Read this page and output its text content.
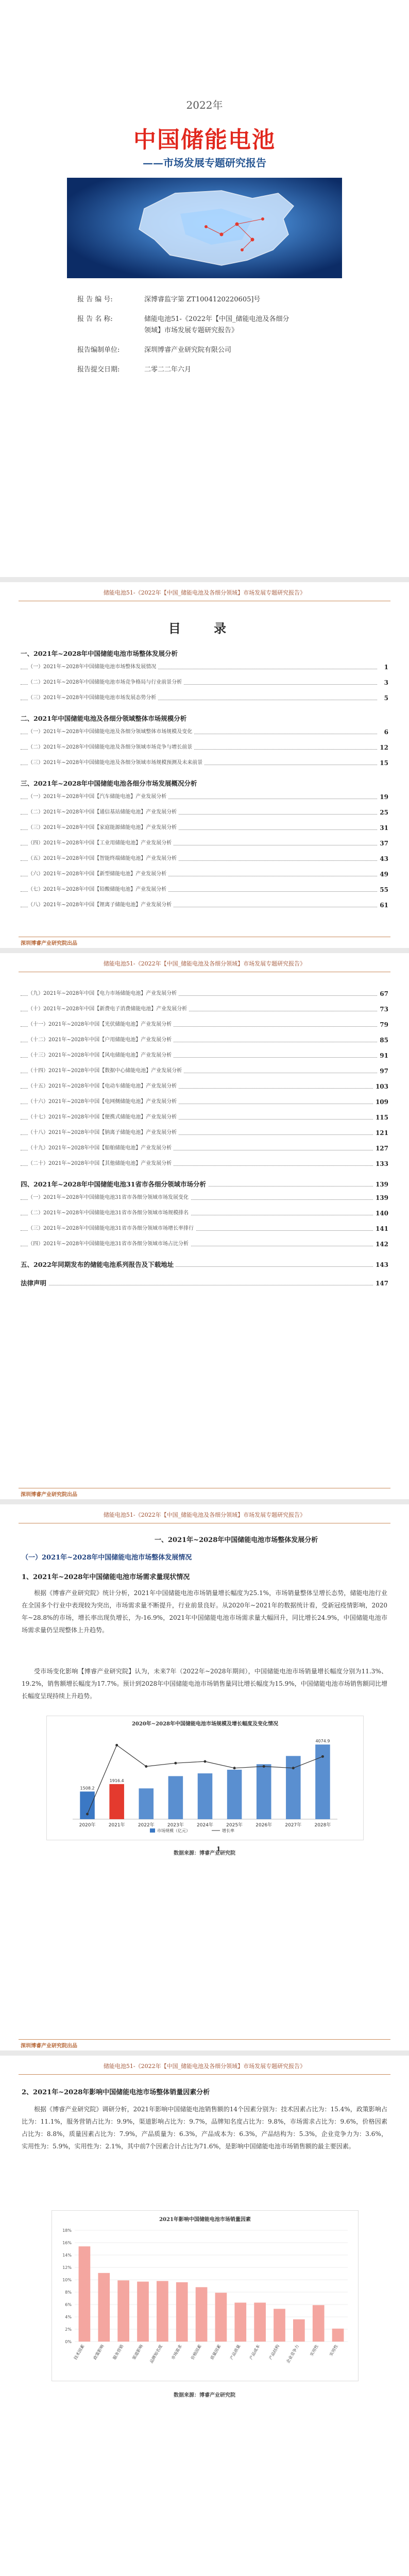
2022年
中国储能电池
——市场发展专题研究报告
报 告 编 号:	深博睿监字第 ZT1004120220605]号
报 告 名 称:	储能电池51-《2022年【中国_储能电池及各细分
领域】市场发展专题研究报告》
报告编制单位:	深圳博睿产业研究院有限公司
报告提交日期:	二零二二年六月
储能电池51-《2022年【中国_储能电池及各细分领域】市场发展专题研究报告》
目 录
一、2021年~2028年中国储能电池市场整体发展分析
（一）2021年~2028年中国储能电池市场整体发展情况	1
（二）2021年~2028年中国储能电池市场竞争格局与行业前景分析	3
（三）2021年~2028年中国储能电池市场发展态势分析	5
二、2021年中国储能电池及各细分领域整体市场规模分析
（一）2021年~2028年中国储能电池及各细分领域整体市场规模及变化	6
（二）2021年~2028年中国储能电池及各细分领域市场竞争与增长前景	12
（三）2021年~2028年中国储能电池及各细分领域市场规模预测及未来前景	15
三、2021年~2028年中国储能电池各细分市场发展概况分析
（一）2021年~2028年中国【汽车储能电池】产业发展分析	19
（二）2021年~2028年中国【通信基站储能电池】产业发展分析	25
（三）2021年~2028年中国【家庭能源储能电池】产业发展分析	31
（四）2021年~2028年中国【工业用储能电池】产业发展分析	37
（五）2021年~2028年中国【智能终端储能电池】产业发展分析	43
（六）2021年~2028年中国【新型储能电池】产业发展分析	49
（七）2021年~2028年中国【铅酸储能电池】产业发展分析	55
（八）2021年~2028年中国【锂离子储能电池】产业发展分析	61
深圳博睿产业研究院出品
储能电池51-《2022年【中国_储能电池及各细分领域】市场发展专题研究报告》
（九）2021年~2028年中国【电力市场储能电池】产业发展分析	67
（十）2021年~2028年中国【新费电子消费储能电池】产业发展分析	73
（十一）2021年~2028年中国【光伏储能电池】产业发展分析	79
（十二）2021年~2028年中国【户用储能电池】产业发展分析	85
（十三）2021年~2028年中国【风电储能电池】产业发展分析	91
（十四）2021年~2028年中国【数据中心储能电池】产业发展分析	97
（十五）2021年~2028年中国【电动车储能电池】产业发展分析	103
（十六）2021年~2028年中国【电网侧储能电池】产业发展分析	109
（十七）2021年~2028年中国【便携式储能电池】产业发展分析	115
（十八）2021年~2028年中国【钠离子储能电池】产业发展分析	121
（十九）2021年~2028年中国【船舶储能电池】产业发展分析	127
（二十）2021年~2028年中国【其他储能电池】产业发展分析	133
四、2021年~2028年中国储能电池31省市各细分领域市场分析	139
（一）2021年~2028年中国储能电池31省市各细分领域市场发展变化	139
（二）2021年~2028年中国储能电池31省市各细分领域市场规模排名	140
（三）2021年~2028年中国储能电池31省市各细分领域市场增长率排行	141
（四）2021年~2028年中国储能电池31省市各细分领域市场占比分析	142
五、2022年同期发布的储能电池系列报告及下载地址	143
法律声明	147
深圳博睿产业研究院出品
储能电池51-《2022年【中国_储能电池及各细分领域】市场发展专题研究报告》
一、2021年~2028年中国储能电池市场整体发展分析
（一）2021年~2028年中国储能电池市场整体发展情况
1、2021年~2028年中国储能电池市场需求量现状情况
根据《博睿产业研究院》统计分析，2021年中国储能电池市场销量增长幅度为25.1%，市场销量整体呈增长态势，储能电池行业在全国多个行业中表现较为突出，市场需求量不断提升，行业前景良好。从2020年~2021年的数据统计看，受新冠疫情影响，2020年~28.8%的市场，增长率出现负增长，为-16.9%，2021年中国储能电池市场需求量大幅回升，同比增长24.9%，中国储能电池市场需求量仍呈现整体上升趋势。
受市场变化影响【博睿产业研究院】认为，未来7年（2022年~2028年期间），中国储能电池市场销量增长幅度分别为11.3%、19.2%，销售额增长幅度为17.7%。预计到2028年中国储能电池市场销售量同比增长幅度为15.9%，中国储能电池市场销售额同比增长幅度呈现持续上升趋势。
2020年~2028年中国储能电池市场规模及增长幅度及变化情况
2020年	2021年	2022年	2023年	2024年	2025年	2026年	2027年	2028年
1508.2
1916.4
4074.9
市场规模（亿元）	增长率
数据来源：博睿产业研究院
1
深圳博睿产业研究院出品
储能电池51-《2022年【中国_储能电池及各细分领域】市场发展专题研究报告》
2、2021年~2028年影响中国储能电池市场整体销量因素分析
根据《博睿产业研究院》调研分析，2021年影响中国储能电池销售额的14个因素分别为：技术因素占比为：15.4%，政策影响占比为：11.1%，服务营销占比为：9.9%，渠道影响占比为：9.7%，品牌知名度占比为：9.8%，市场需求占比为：9.6%，价格因素占比为：8.8%，质量因素占比为：7.9%，产品质量为：6.3%，产品成本为：6.3%，产品结构为：5.3%，企业竞争力为：3.6%，实用性为：5.9%，实用性为：2.1%，其中前7个因素合计占比为71.6%，是影响中国储能电池市场销售额的最主要因素。
2021年影响中国储能电池市场销量因素
0%
2%
4%
6%
8%
10%
12%
14%
16%
18%
技术因素 政策影响 服务营销 渠道影响 品牌知名度 市场需求 价格因素 质量因素 产品质量 产品成本 产品结构 企业竞争力 实用性 实用性
数据来源：博睿产业研究院
